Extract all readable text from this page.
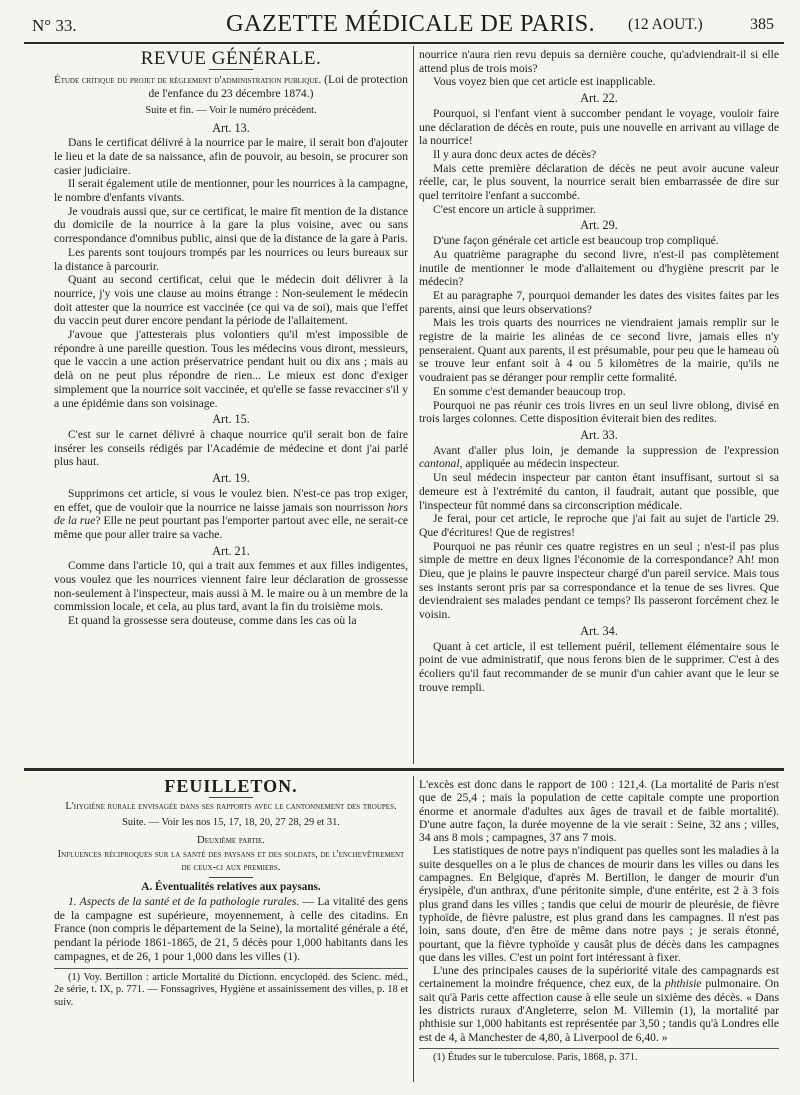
N° 33.	GAZETTE MÉDICALE DE PARIS. (12 AOUT.)	385
REVUE GÉNÉRALE.

Étude critique du projet de règlement d'administration publique. (Loi de protection de l'enfance du 23 décembre 1874.)

Suite et fin. — Voir le numéro précédent.

Art. 13.

Dans le certificat délivré à la nourrice par le maire, il serait bon d'ajouter le lieu et la date de sa naissance, afin de pouvoir, au besoin, se procurer son casier judiciaire.

Il serait également utile de mentionner, pour les nourrices à la campagne, le nombre d'enfants vivants.

Je voudrais aussi que, sur ce certificat, le maire fît mention de la distance du domicile de la nourrice à la gare la plus voisine, avec ou sans correspondance d'omnibus public, ainsi que de la distance de la gare à Paris.

Les parents sont toujours trompés par les nourrices ou leurs bureaux sur la distance à parcourir.

Quant au second certificat, celui que le médecin doit délivrer à la nourrice, j'y vois une clause au moins étrange : Non-seulement le médecin doit attester que la nourrice est vaccinée (ce qui va de soi), mais que l'effet du vaccin peut durer encore pendant la période de l'allaitement.

J'avoue que j'attesterais plus volontiers qu'il m'est impossible de répondre à une pareille question. Tous les médecins vous diront, messieurs, que le vaccin a une action préservatrice pendant huit ou dix ans ; mais au delà on ne peut plus répondre de rien... Le mieux est donc d'exiger simplement que la nourrice soit vaccinée, et qu'elle se fasse revacciner s'il y a une épidémie dans son voisinage.

Art. 15.

C'est sur le carnet délivré à chaque nourrice qu'il serait bon de faire insérer les conseils rédigés par l'Académie de médecine et dont j'ai parlé plus haut.

Art. 19.

Supprimons cet article, si vous le voulez bien. N'est-ce pas trop exiger, en effet, que de vouloir que la nourrice ne laisse jamais son nourrisson hors de la rue? Elle ne peut pourtant pas l'emporter partout avec elle, ne serait-ce même que pour aller traire sa vache.

Art. 21.

Comme dans l'article 10, qui a trait aux femmes et aux filles indigentes, vous voulez que les nourrices viennent faire leur déclaration de grossesse non-seulement à l'inspecteur, mais aussi à M. le maire ou à un membre de la commission locale, et cela, au plus tard, avant la fin du troisième mois.

Et quand la grossesse sera douteuse, comme dans les cas où la

nourrice n'aura rien revu depuis sa dernière couche, qu'adviendrait-il si elle attend plus de trois mois?

Vous voyez bien que cet article est inapplicable.

Art. 22.

Pourquoi, si l'enfant vient à succomber pendant le voyage, vouloir faire une déclaration de décès en route, puis une nouvelle en arrivant au village de la nourrice!

Il y aura donc deux actes de décès?

Mais cette première déclaration de décès ne peut avoir aucune valeur réelle, car, le plus souvent, la nourrice serait bien embarrassée de dire sur quel territoire l'enfant a succombé.

C'est encore un article à supprimer.

Art. 29.

D'une façon générale cet article est beaucoup trop compliqué.

Au quatrième paragraphe du second livre, n'est-il pas complètement inutile de mentionner le mode d'allaitement ou d'hygiène prescrit par le médecin?

Et au paragraphe 7, pourquoi demander les dates des visites faites par les parents, ainsi que leurs observations?

Mais les trois quarts des nourrices ne viendraient jamais remplir sur le registre de la mairie les alinéas de ce second livre, jamais elles n'y penseraient. Quant aux parents, il est présumable, pour peu que le hameau où se trouve leur enfant soit à 4 ou 5 kilomètres de la mairie, qu'ils ne voudraient pas se déranger pour remplir cette formalité.

En somme c'est demander beaucoup trop.

Pourquoi ne pas réunir ces trois livres en un seul livre oblong, divisé en trois larges colonnes. Cette disposition éviterait bien des redites.

Art. 33.

Avant d'aller plus loin, je demande la suppression de l'expression cantonal, appliquée au médecin inspecteur.

Un seul médecin inspecteur par canton étant insuffisant, surtout si sa demeure est à l'extrémité du canton, il faudrait, autant que possible, que l'inspecteur fût nommé dans sa circonscription médicale.

Je ferai, pour cet article, le reproche que j'ai fait au sujet de l'article 29. Que d'écritures! Que de registres!

Pourquoi ne pas réunir ces quatre registres en un seul ; n'est-il pas plus simple de mettre en deux lignes l'économie de la correspondance? Ah! mon Dieu, que je plains le pauvre inspecteur chargé d'un pareil service. Mais tous ses instants seront pris par sa correspondance et la tenue de ses livres. Que deviendraient ses malades pendant ce temps? Ils passeront forcément chez le voisin.

Art. 34.

Quant à cet article, il est tellement puéril, tellement élémentaire sous le point de vue administratif, que nous ferons bien de le supprimer. C'est à des écoliers qu'il faut recommander de se munir d'un cahier avant que le leur se trouve rempli.

FEUILLETON.

L'hygiène rurale envisagée dans ses rapports avec le cantonnement des troupes.

Suite. — Voir les nos 15, 17, 18, 20, 27 28, 29 et 31.

Deuxième partie.

Influences réciproques sur la santé des paysans et des soldats, de l'enchevêtrement de ceux-ci aux premiers.

A. Éventualités relatives aux paysans.

1. Aspects de la santé et de la pathologie rurales. — La vitalité des gens de la campagne est supérieure, moyennement, à celle des citadins. En France (non compris le département de la Seine), la mortalité générale a été, pendant la période 1861-1865, de 21, 5 décès pour 1,000 habitants dans les campagnes, et de 26, 1 pour 1,000 dans les villes (1).

(1) Voy. Bertillon : article Mortalité du Dictionn. encyclopéd. des Scienc. méd., 2e série, t. IX, p. 771. — Fonssagrives, Hygiène et assainissement des villes, p. 18 et suiv.

L'excès est donc dans le rapport de 100 : 121,4. (La mortalité de Paris n'est que de 25,4 ; mais la population de cette capitale compte une proportion énorme et anormale d'adultes aux âges de travail et de faible mortalité). D'une autre façon, la durée moyenne de la vie serait : Seine, 32 ans ; villes, 34 ans 8 mois ; campagnes, 37 ans 7 mois.

Les statistiques de notre pays n'indiquent pas quelles sont les maladies à la suite desquelles on a le plus de chances de mourir dans les villes ou dans les campagnes. En Belgique, d'après M. Bertillon, le danger de mourir d'un érysipèle, d'un anthrax, d'une péritonite simple, d'une entérite, est 2 à 3 fois plus grand dans les villes ; tandis que celui de mourir de pleurésie, de fièvre typhoïde, de fièvre palustre, est plus grand dans les campagnes. Il n'est pas loin, sans doute, d'en être de même dans notre pays ; je serais étonné, pourtant, que la fièvre typhoïde y causât plus de décès dans les campagnes que dans les villes. C'est un point fort intéressant à fixer.

L'une des principales causes de la supériorité vitale des campagnards est certainement la moindre fréquence, chez eux, de la phthisie pulmonaire. On sait qu'à Paris cette affection cause à elle seule un sixième des décès. « Dans les districts ruraux d'Angleterre, selon M. Villemin (1), la mortalité par phthisie sur 1,000 habitants est représentée par 3,50 ; tandis qu'à Londres elle est de 4, à Manchester de 4,80, à Liverpool de 6,40. »

(1) Études sur le tuberculose. Paris, 1868, p. 371.
